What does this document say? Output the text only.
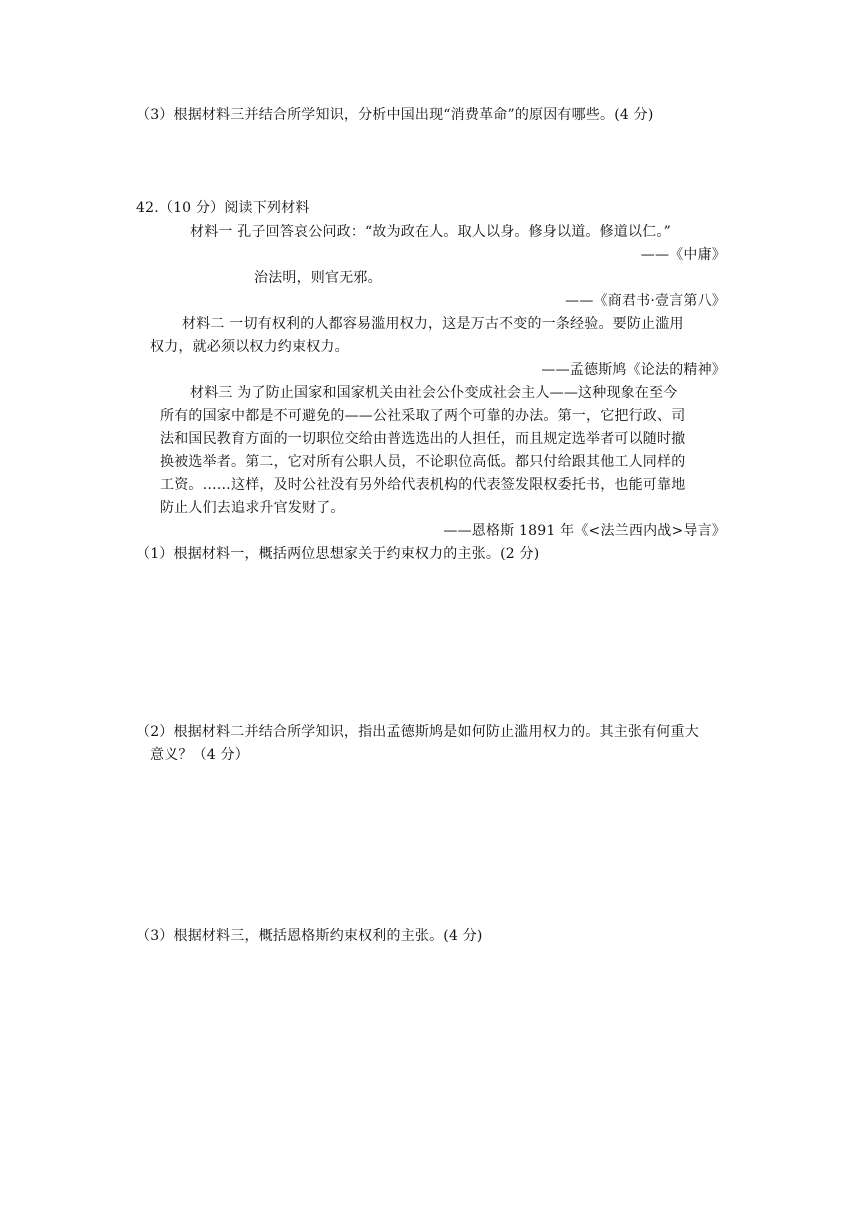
（3）根据材料三并结合所学知识，分析中国出现“消费革命”的原因有哪些。(4 分)
42.（10 分）阅读下列材料
材料一 孔子回答哀公问政：“故为政在人。取人以身。修身以道。修道以仁。”
——《中庸》
治法明，则官无邪。
——《商君书·壹言第八》
材料二 一切有权利的人都容易滥用权力，这是万古不变的一条经验。要防止滥用
权力，就必须以权力约束权力。
——孟德斯鸠《论法的精神》
材料三 为了防止国家和国家机关由社会公仆变成社会主人——这种现象在至今
所有的国家中都是不可避免的——公社采取了两个可靠的办法。第一，它把行政、司
法和国民教育方面的一切职位交给由普选选出的人担任，而且规定选举者可以随时撤
换被选举者。第二，它对所有公职人员，不论职位高低。都只付给跟其他工人同样的
工资。……这样，及时公社没有另外给代表机构的代表签发限权委托书，也能可靠地
防止人们去追求升官发财了。
——恩格斯 1891 年《<法兰西内战>导言》
（1）根据材料一，概括两位思想家关于约束权力的主张。(2 分)
（2）根据材料二并结合所学知识，指出孟德斯鸠是如何防止滥用权力的。其主张有何重大
意义？（4 分）
（3）根据材料三，概括恩格斯约束权利的主张。(4 分)
